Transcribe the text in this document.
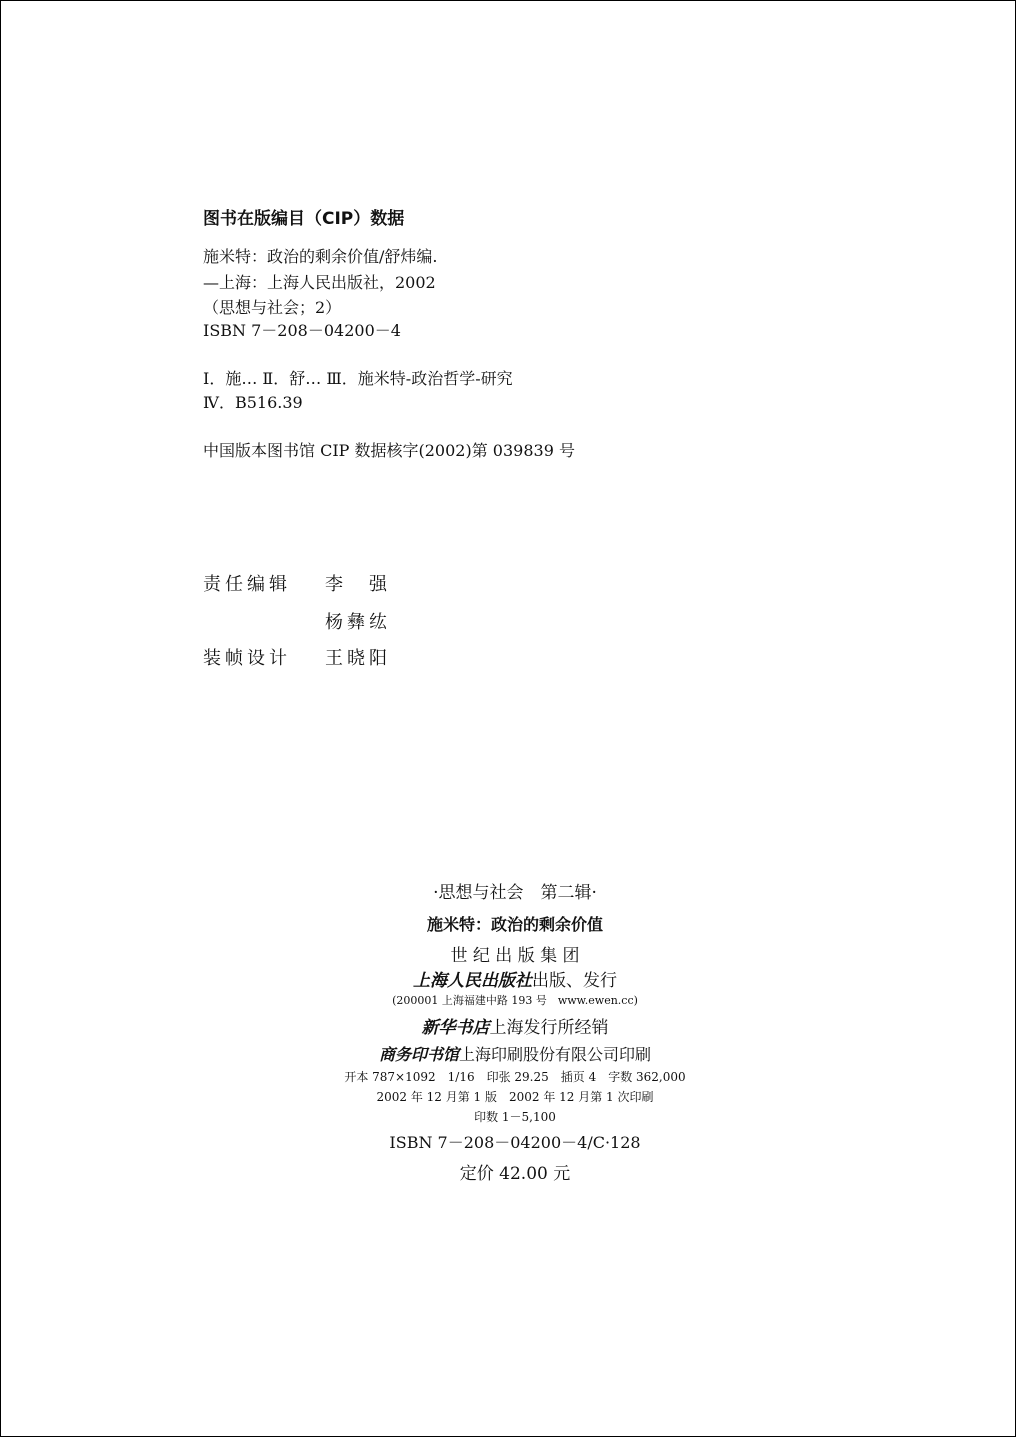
图书在版编目（CIP）数据
施米特：政治的剩余价值/舒炜编.
—上海：上海人民出版社，2002
（思想与社会；2）
ISBN 7－208－04200－4
Ⅰ．施… Ⅱ．舒… Ⅲ．施米特-政治哲学-研究
Ⅳ．B516.39
中国版本图书馆 CIP 数据核字(2002)第 039839 号
责任编辑 李　强
杨彝纮
装帧设计 王晓阳
·思想与社会　第二辑·
施米特：政治的剩余价值
世 纪 出 版 集 团
上海人民出版社出版、发行
(200001 上海福建中路 193 号　www.ewen.cc)
新华书店上海发行所经销
商务印书馆上海印刷股份有限公司印刷
开本 787×1092　1/16　印张 29.25　插页 4　字数 362,000
2002 年 12 月第 1 版　2002 年 12 月第 1 次印刷
印数 1－5,100
ISBN 7－208－04200－4/C·128
定价 42.00 元
